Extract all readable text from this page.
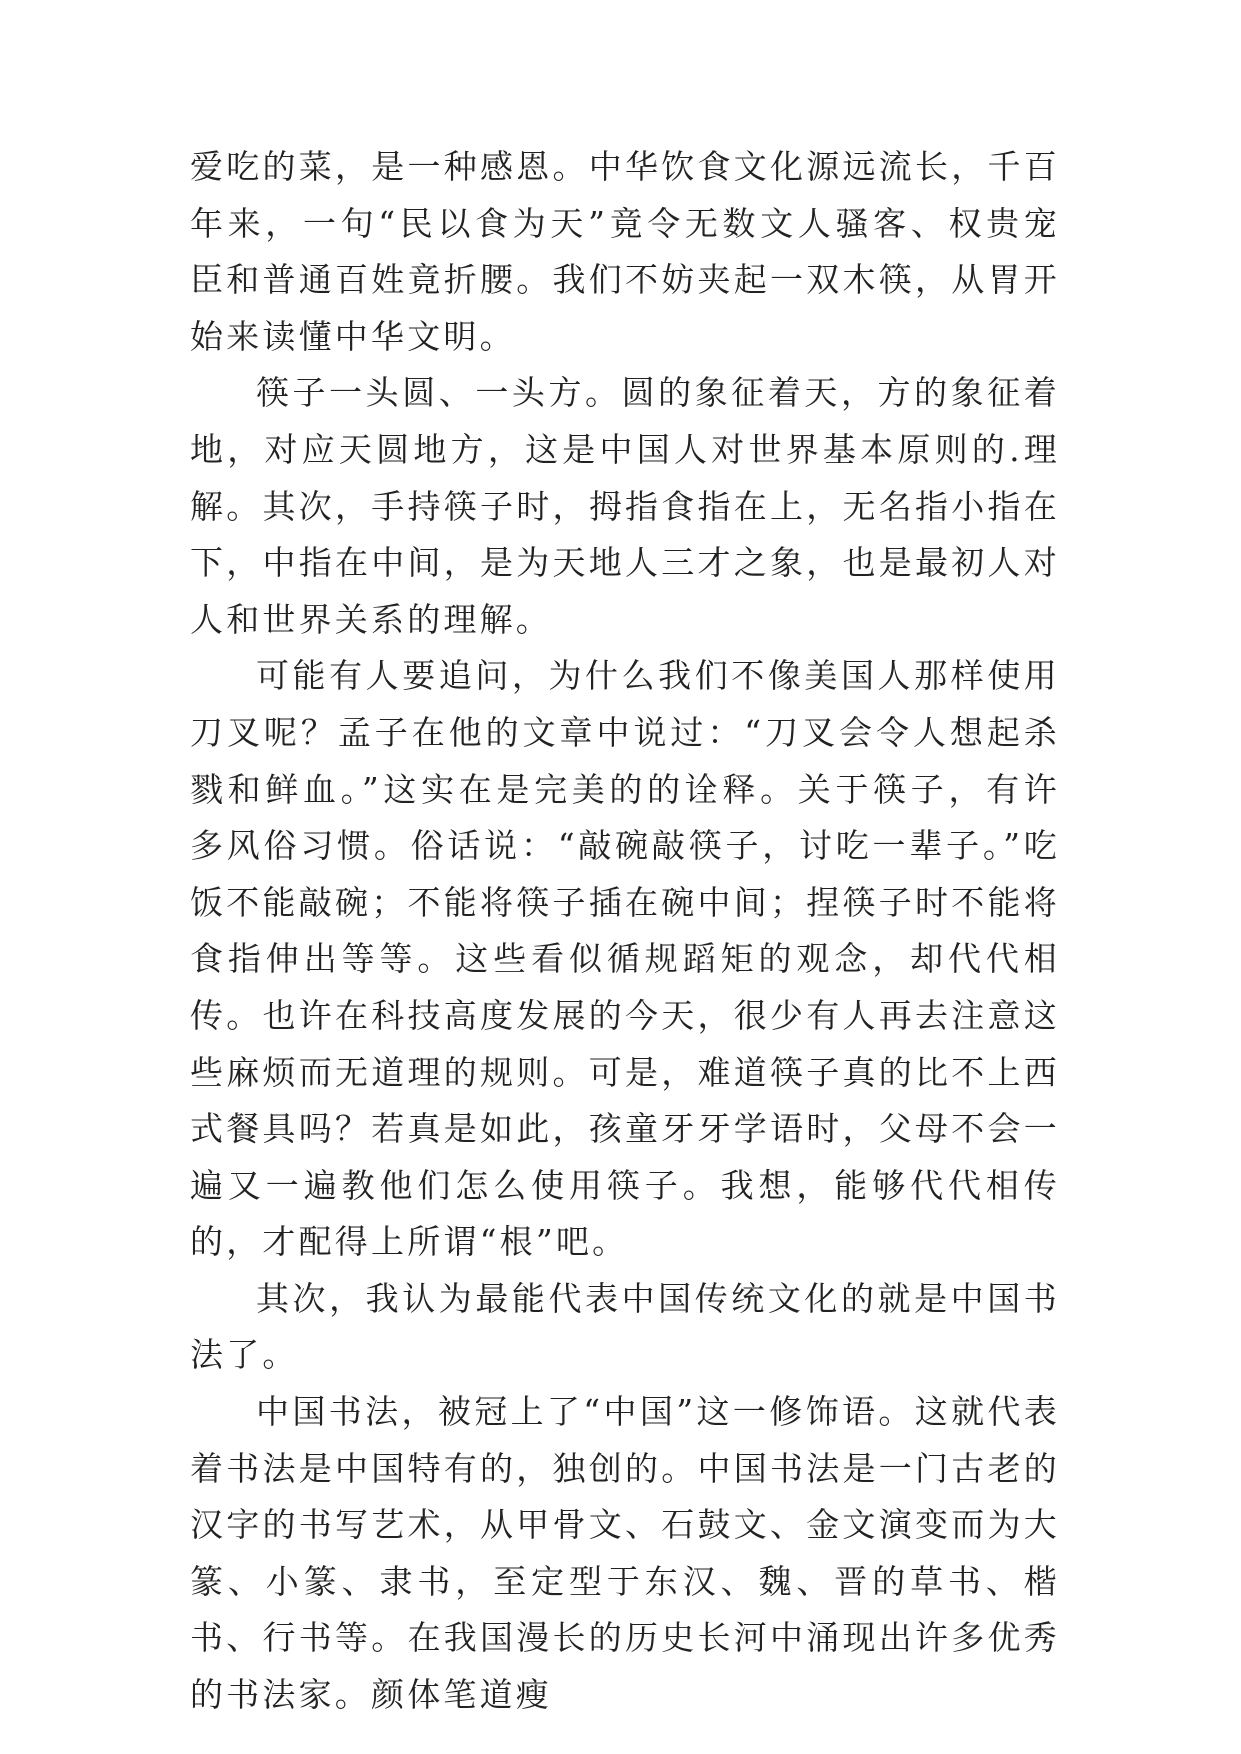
爱吃的菜，是一种感恩。中华饮食文化源远流长，千百年来，一句“民以食为天”竟令无数文人骚客、权贵宠臣和普通百姓竟折腰。我们不妨夹起一双木筷，从胃开始来读懂中华文明。

筷子一头圆、一头方。圆的象征着天，方的象征着地，对应天圆地方，这是中国人对世界基本原则的.理解。其次，手持筷子时，拇指食指在上，无名指小指在下，中指在中间，是为天地人三才之象，也是最初人对人和世界关系的理解。

可能有人要追问，为什么我们不像美国人那样使用刀叉呢？孟子在他的文章中说过：“刀叉会令人想起杀戮和鲜血。”这实在是完美的的诠释。关于筷子，有许多风俗习惯。俗话说：“敲碗敲筷子，讨吃一辈子。”吃饭不能敲碗；不能将筷子插在碗中间；捏筷子时不能将食指伸出等等。这些看似循规蹈矩的观念，却代代相传。也许在科技高度发展的今天，很少有人再去注意这些麻烦而无道理的规则。可是，难道筷子真的比不上西式餐具吗？若真是如此，孩童牙牙学语时，父母不会一遍又一遍教他们怎么使用筷子。我想，能够代代相传的，才配得上所谓“根”吧。

其次，我认为最能代表中国传统文化的就是中国书法了。

中国书法，被冠上了“中国”这一修饰语。这就代表着书法是中国特有的，独创的。中国书法是一门古老的汉字的书写艺术，从甲骨文、石鼓文、金文演变而为大篆、小篆、隶书，至定型于东汉、魏、晋的草书、楷书、行书等。在我国漫长的历史长河中涌现出许多优秀的书法家。颜体笔道瘦
